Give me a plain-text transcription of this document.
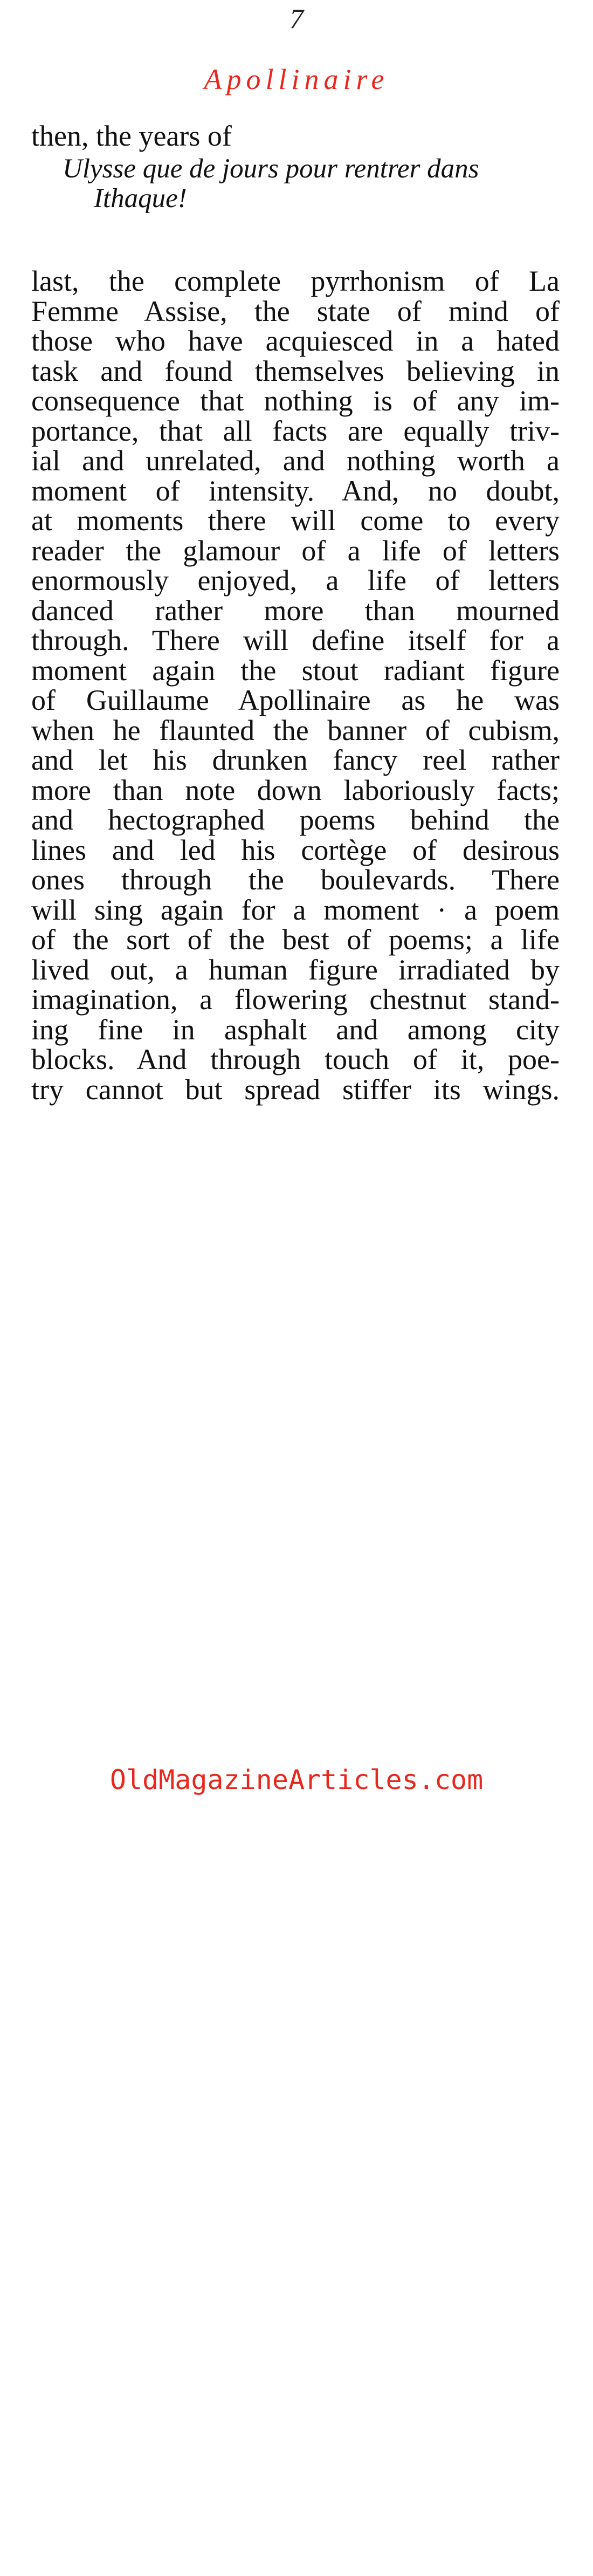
7
Apollinaire
then, the years of
Ulysse que de jours pour rentrer dans
Ithaque!
last, the complete pyrrhonism of La
Femme Assise, the state of mind of
those who have acquiesced in a hated
task and found themselves believing in
consequence that nothing is of any im-
portance, that all facts are equally triv-
ial and unrelated, and nothing worth a
moment of intensity. And, no doubt,
at moments there will come to every
reader the glamour of a life of letters
enormously enjoyed, a life of letters
danced rather more than mourned
through. There will define itself for a
moment again the stout radiant figure
of Guillaume Apollinaire as he was
when he flaunted the banner of cubism,
and let his drunken fancy reel rather
more than note down laboriously facts;
and hectographed poems behind the
lines and led his cortège of desirous
ones through the boulevards. There
will sing again for a moment · a poem
of the sort of the best of poems; a life
lived out, a human figure irradiated by
imagination, a flowering chestnut stand-
ing fine in asphalt and among city
blocks. And through touch of it, poe-
try cannot but spread stiffer its wings.
OldMagazineArticles.com
